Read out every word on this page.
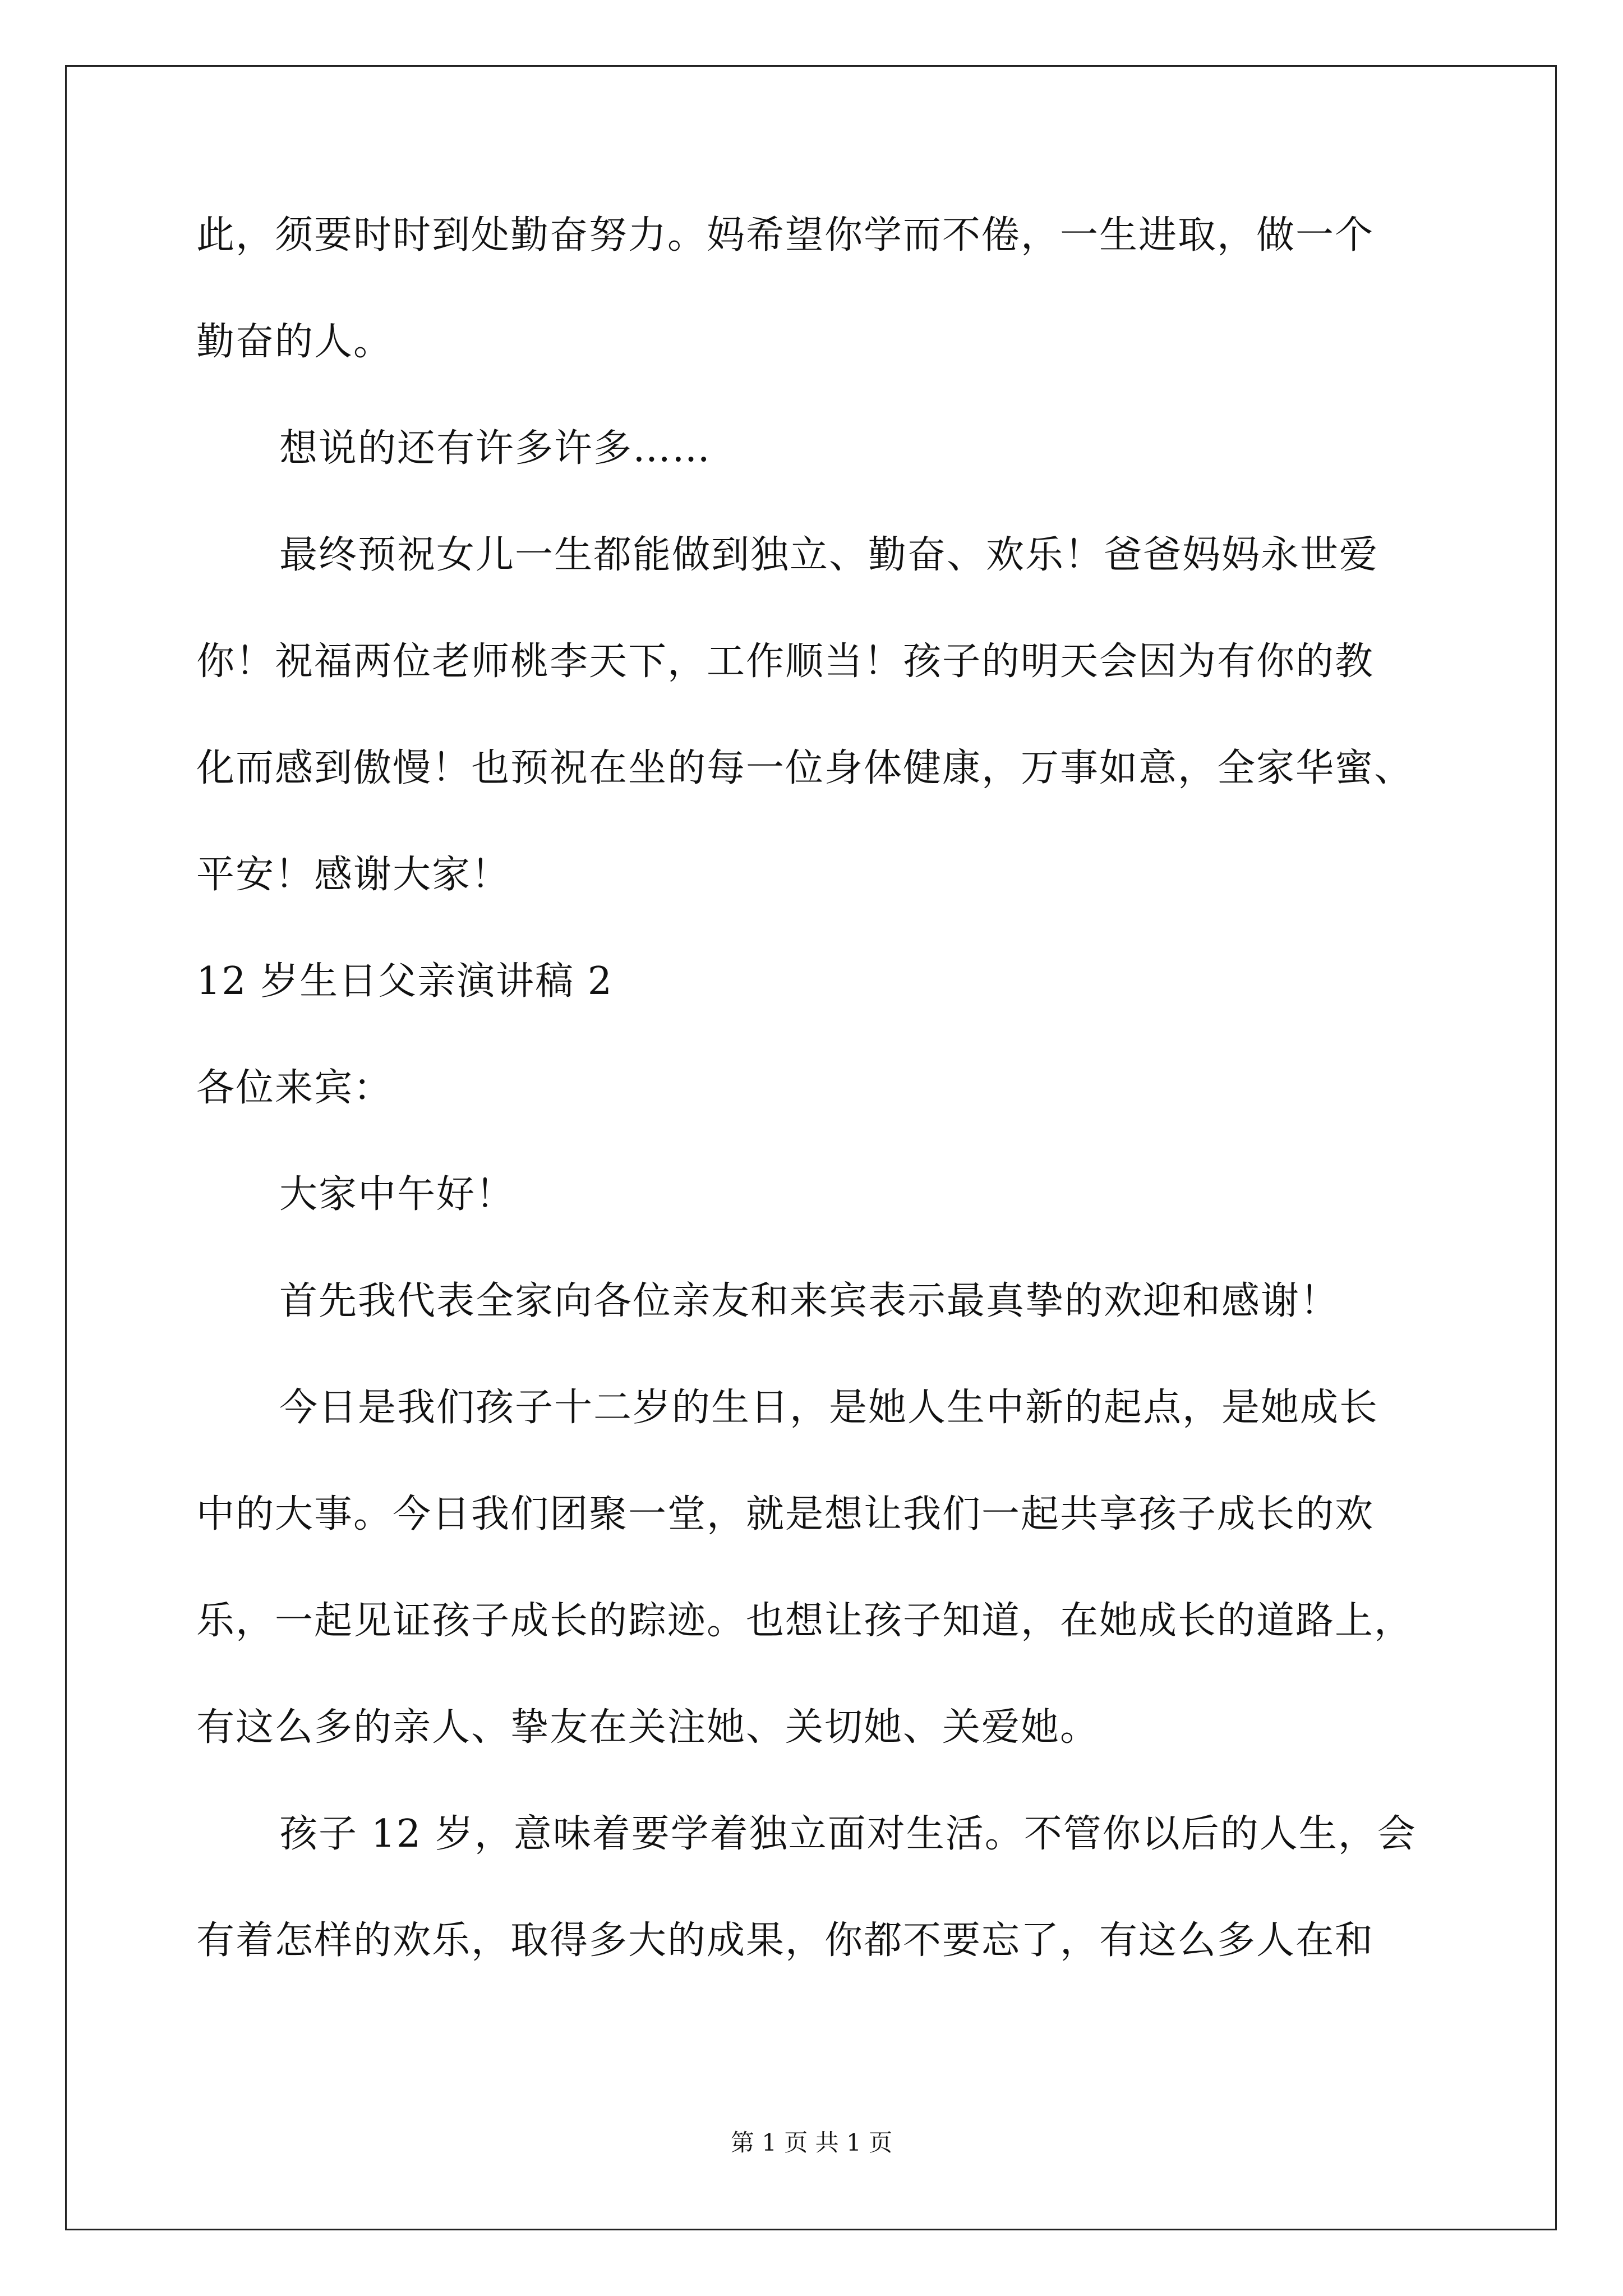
此，须要时时到处勤奋努力。妈希望你学而不倦，一生进取，做一个
勤奋的人。
想说的还有许多许多……
最终预祝女儿一生都能做到独立、勤奋、欢乐！爸爸妈妈永世爱
你！祝福两位老师桃李天下，工作顺当！孩子的明天会因为有你的教
化而感到傲慢！也预祝在坐的每一位身体健康，万事如意，全家华蜜、
平安！感谢大家！
12 岁生日父亲演讲稿 2
各位来宾：
大家中午好！
首先我代表全家向各位亲友和来宾表示最真挚的欢迎和感谢！
今日是我们孩子十二岁的生日，是她人生中新的起点，是她成长
中的大事。今日我们团聚一堂，就是想让我们一起共享孩子成长的欢
乐，一起见证孩子成长的踪迹。也想让孩子知道，在她成长的道路上，
有这么多的亲人、挚友在关注她、关切她、关爱她。
孩子 12 岁，意味着要学着独立面对生活。不管你以后的人生，会
有着怎样的欢乐，取得多大的成果，你都不要忘了，有这么多人在和
第 1 页 共 1 页
